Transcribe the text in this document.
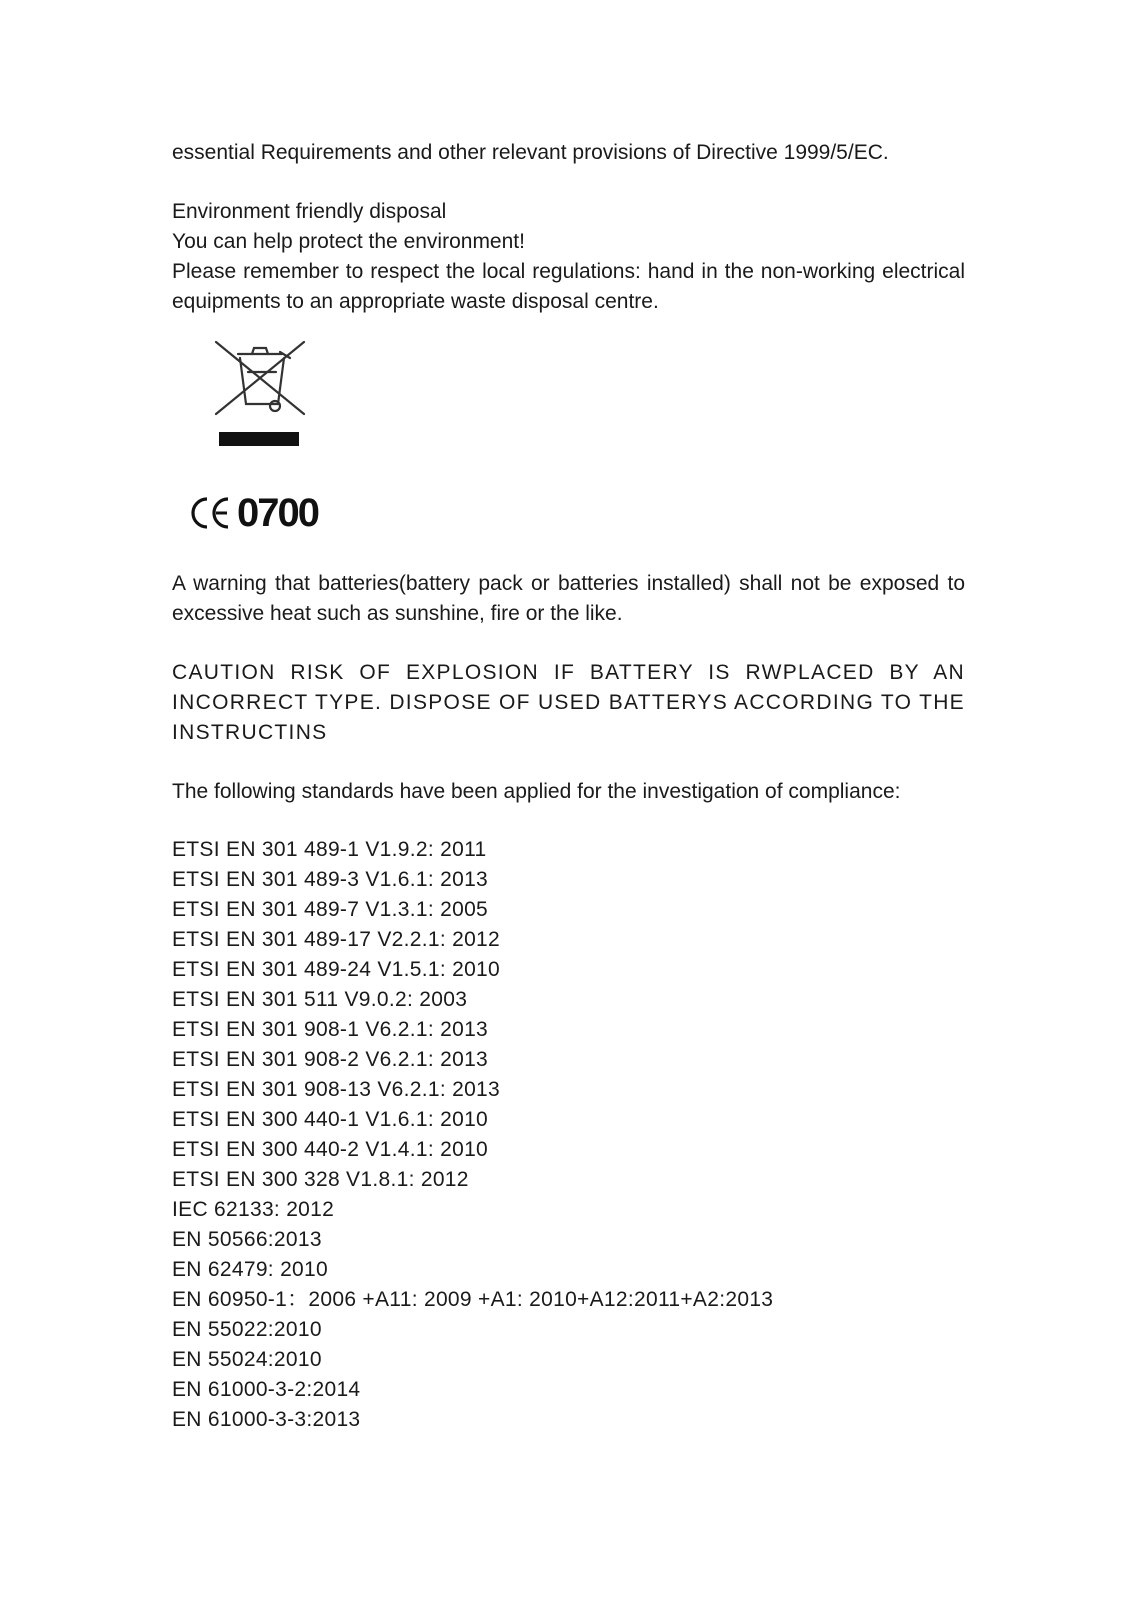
essential Requirements and other relevant provisions of Directive 1999/5/EC.

Environment friendly disposal

You can help protect the environment!

Please remember to respect the local regulations: hand in the non-working electrical equipments to an appropriate waste disposal centre.

0700

A warning that batteries(battery pack or batteries installed) shall not be exposed to excessive heat such as sunshine, fire or the like.

CAUTION RISK OF EXPLOSION IF BATTERY IS RWPLACED BY AN INCORRECT TYPE. DISPOSE OF USED BATTERYS ACCORDING TO THE INSTRUCTINS

The following standards have been applied for the investigation of compliance:

ETSI EN 301 489-1 V1.9.2: 2011
ETSI EN 301 489-3 V1.6.1: 2013
ETSI EN 301 489-7 V1.3.1: 2005
ETSI EN 301 489-17 V2.2.1: 2012
ETSI EN 301 489-24 V1.5.1: 2010
ETSI EN 301 511 V9.0.2: 2003
ETSI EN 301 908-1 V6.2.1: 2013
ETSI EN 301 908-2 V6.2.1: 2013
ETSI EN 301 908-13 V6.2.1: 2013
ETSI EN 300 440-1 V1.6.1: 2010
ETSI EN 300 440-2 V1.4.1: 2010
ETSI EN 300 328 V1.8.1: 2012
IEC 62133: 2012
EN 50566:2013
EN 62479: 2010
EN 60950-1：2006 +A11: 2009 +A1: 2010+A12:2011+A2:2013
EN 55022:2010
EN 55024:2010
EN 61000-3-2:2014
EN 61000-3-3:2013
